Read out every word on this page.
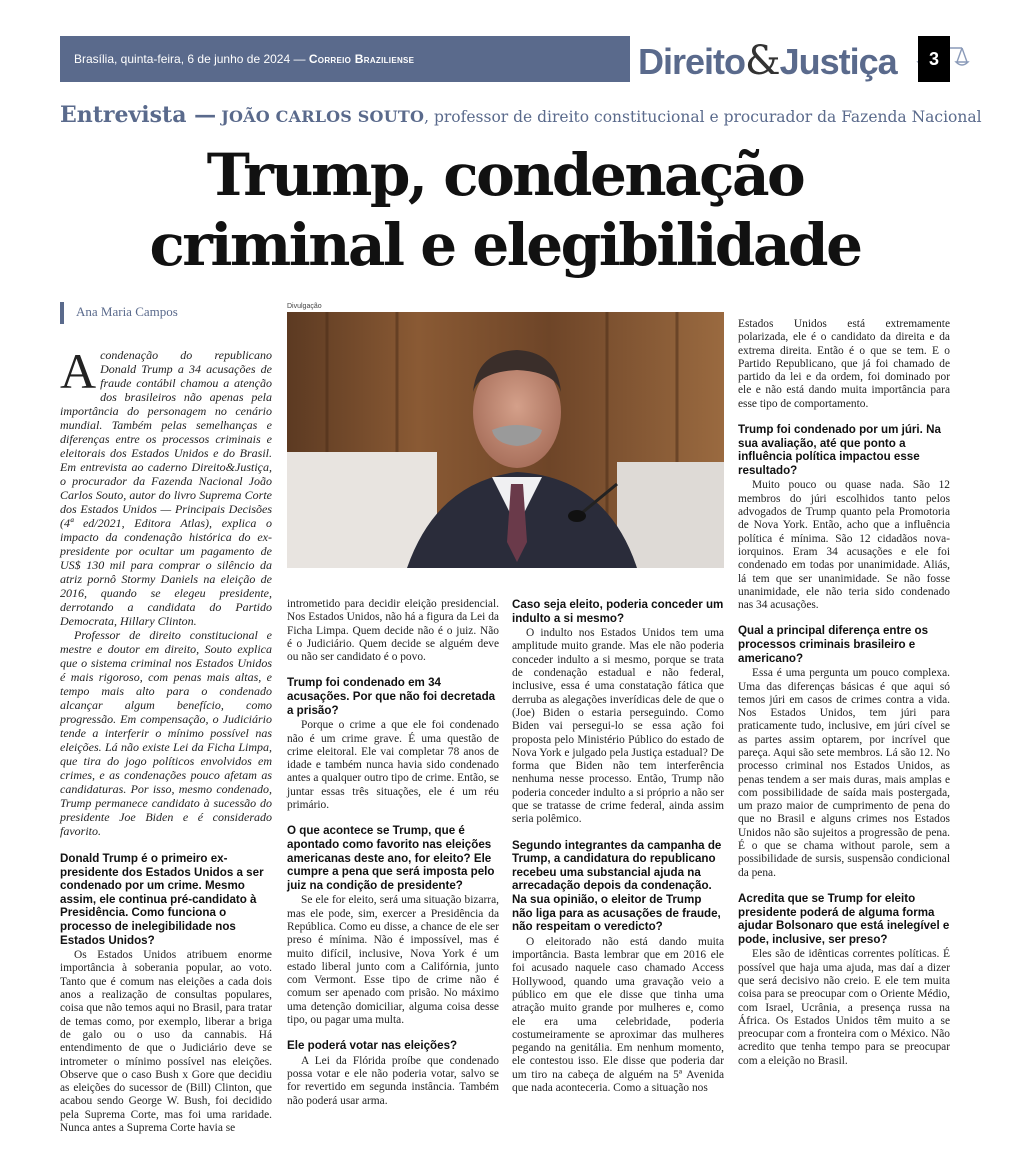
Brasília, quinta-feira, 6 de junho de 2024 — Correio Braziliense	Direito&Justiça	3
Entrevista — JOÃO CARLOS SOUTO, professor de direito constitucional e procurador da Fazenda Nacional
Trump, condenação
criminal e elegibilidade
Ana Maria Campos

Acondenação do republicano Donald Trump a 34 acusações de fraude contábil chamou a atenção dos brasileiros não apenas pela importância do personagem no cenário mundial. Também pelas semelhanças e diferenças entre os processos criminais e eleitorais dos Estados Unidos e do Brasil. Em entrevista ao caderno Direito&Justiça, o procurador da Fazenda Nacional João Carlos Souto, autor do livro Suprema Corte dos Estados Unidos — Principais Decisões (4ª ed/2021, Editora Atlas), explica o impacto da condenação histórica do ex-presidente por ocultar um pagamento de US$ 130 mil para comprar o silêncio da atriz pornô Stormy Daniels na eleição de 2016, quando se elegeu presidente, derrotando a candidata do Partido Democrata, Hillary Clinton.

Professor de direito constitucional e mestre e doutor em direito, Souto explica que o sistema criminal nos Estados Unidos é mais rigoroso, com penas mais altas, e tempo mais alto para o condenado alcançar algum benefício, como progressão. Em compensação, o Judiciário tende a interferir o mínimo possível nas eleições. Lá não existe Lei da Ficha Limpa, que tira do jogo políticos envolvidos em crimes, e as condenações pouco afetam as candidaturas. Por isso, mesmo condenado, Trump permanece candidato à sucessão do presidente Joe Biden e é considerado favorito.

Donald Trump é o primeiro ex-presidente dos Estados Unidos a ser condenado por um crime. Mesmo assim, ele continua pré-candidato à Presidência. Como funciona o processo de inelegibilidade nos Estados Unidos?

Os Estados Unidos atribuem enorme importância à soberania popular, ao voto. Tanto que é comum nas eleições a cada dois anos a realização de consultas populares, coisa que não temos aqui no Brasil, para tratar de temas como, por exemplo, liberar a briga de galo ou o uso da cannabis. Há entendimento de que o Judiciário deve se intrometer o mínimo possível nas eleições. Observe que o caso Bush x Gore que decidiu as eleições do sucessor de (Bill) Clinton, que acabou sendo George W. Bush, foi decidido pela Suprema Corte, mas foi uma raridade. Nunca antes a Suprema Corte havia se

Divulgação

intrometido para decidir eleição presidencial. Nos Estados Unidos, não há a figura da Lei da Ficha Limpa. Quem decide não é o juiz. Não é o Judiciário. Quem decide se alguém deve ou não ser candidato é o povo.

Trump foi condenado em 34 acusações. Por que não foi decretada a prisão?

Porque o crime a que ele foi condenado não é um crime grave. É uma questão de crime eleitoral. Ele vai completar 78 anos de idade e também nunca havia sido condenado antes a qualquer outro tipo de crime. Então, se juntar essas três situações, ele é um réu primário.

O que acontece se Trump, que é apontado como favorito nas eleições americanas deste ano, for eleito? Ele cumpre a pena que será imposta pelo juiz na condição de presidente?

Se ele for eleito, será uma situação bizarra, mas ele pode, sim, exercer a Presidência da República. Como eu disse, a chance de ele ser preso é mínima. Não é impossível, mas é muito difícil, inclusive, Nova York é um estado liberal junto com a Califórnia, junto com Vermont. Esse tipo de crime não é comum ser apenado com prisão. No máximo uma detenção domiciliar, alguma coisa desse tipo, ou pagar uma multa.

Ele poderá votar nas eleições?

A Lei da Flórida proíbe que condenado possa votar e ele não poderia votar, salvo se for revertido em segunda instância. Também não poderá usar arma.

Caso seja eleito, poderia conceder um indulto a si mesmo?

O indulto nos Estados Unidos tem uma amplitude muito grande. Mas ele não poderia conceder indulto a si mesmo, porque se trata de condenação estadual e não federal, inclusive, essa é uma constatação fática que derruba as alegações inverídicas dele de que o (Joe) Biden o estaria perseguindo. Como Biden vai persegui-lo se essa ação foi proposta pelo Ministério Público do estado de Nova York e julgado pela Justiça estadual? De forma que Biden não tem interferência nenhuma nesse processo. Então, Trump não poderia conceder indulto a si próprio a não ser que se tratasse de crime federal, ainda assim seria polêmico.

Segundo integrantes da campanha de Trump, a candidatura do republicano recebeu uma substancial ajuda na arrecadação depois da condenação. Na sua opinião, o eleitor de Trump não liga para as acusações de fraude, não respeitam o veredicto?

O eleitorado não está dando muita importância. Basta lembrar que em 2016 ele foi acusado naquele caso chamado Access Hollywood, quando uma gravação veio a público em que ele disse que tinha uma atração muito grande por mulheres e, como ele era uma celebridade, poderia costumeiramente se aproximar das mulheres pegando na genitália. Em nenhum momento, ele contestou isso. Ele disse que poderia dar um tiro na cabeça de alguém na 5ª Avenida que nada aconteceria. Como a situação nos

Estados Unidos está extremamente polarizada, ele é o candidato da direita e da extrema direita. Então é o que se tem. E o Partido Republicano, que já foi chamado de partido da lei e da ordem, foi dominado por ele e não está dando muita importância para esse tipo de comportamento.

Trump foi condenado por um júri. Na sua avaliação, até que ponto a influência política impactou esse resultado?

Muito pouco ou quase nada. São 12 membros do júri escolhidos tanto pelos advogados de Trump quanto pela Promotoria de Nova York. Então, acho que a influência política é mínima. São 12 cidadãos nova-iorquinos. Eram 34 acusações e ele foi condenado em todas por unanimidade. Aliás, lá tem que ser unanimidade. Se não fosse unanimidade, ele não teria sido condenado nas 34 acusações.

Qual a principal diferença entre os processos criminais brasileiro e americano?

Essa é uma pergunta um pouco complexa. Uma das diferenças básicas é que aqui só temos júri em casos de crimes contra a vida. Nos Estados Unidos, tem júri para praticamente tudo, inclusive, em júri cível se as partes assim optarem, por incrível que pareça. Aqui são sete membros. Lá são 12. No processo criminal nos Estados Unidos, as penas tendem a ser mais duras, mais amplas e com possibilidade de saída mais postergada, um prazo maior de cumprimento de pena do que no Brasil e alguns crimes nos Estados Unidos não são sujeitos a progressão de pena. É o que se chama without parole, sem a possibilidade de sursis, suspensão condicional da pena.

Acredita que se Trump for eleito presidente poderá de alguma forma ajudar Bolsonaro que está inelegível e pode, inclusive, ser preso?

Eles são de idênticas correntes políticas. É possível que haja uma ajuda, mas daí a dizer que será decisivo não creio. E ele tem muita coisa para se preocupar com o Oriente Médio, com Israel, Ucrânia, a presença russa na África. Os Estados Unidos têm muito a se preocupar com a fronteira com o México. Não acredito que tenha tempo para se preocupar com a eleição no Brasil.
